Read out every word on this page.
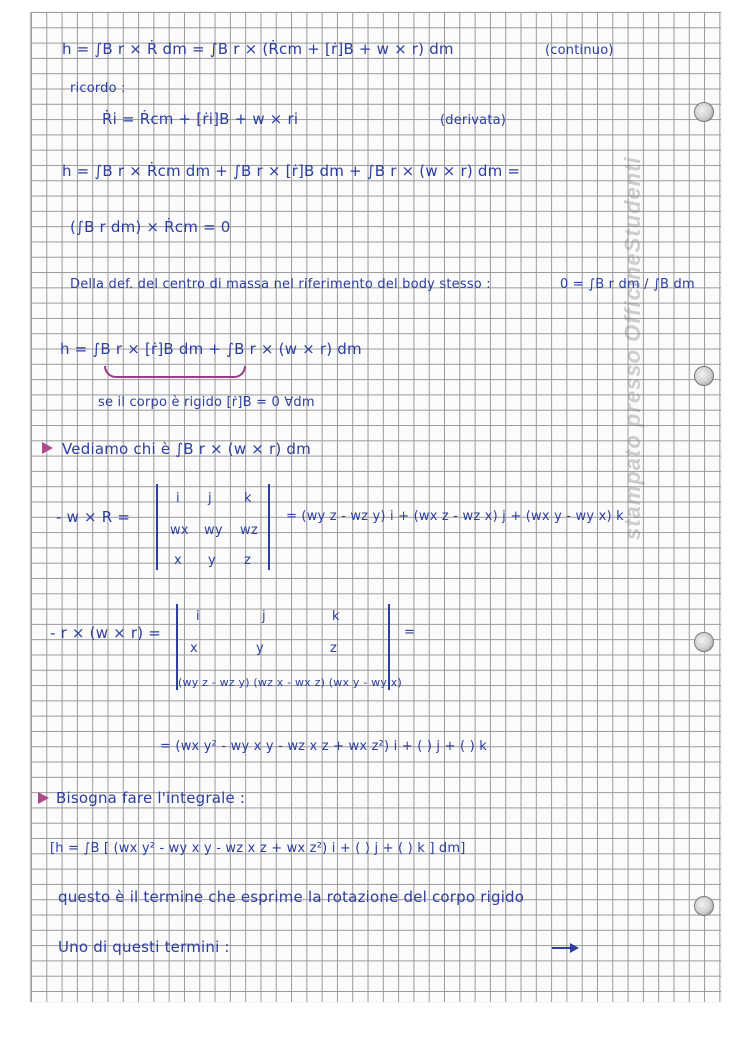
stampato presso OfficineStudenti
h = ∫B r × Ṙ dm = ∫B r × (Ṙcm + [ṙ]B + w × r) dm	(continuo)
ricordo :
Ṙi = Ṙcm + [ṙi]B + w × ri	(derivata)
h = ∫B r × Ṙcm dm + ∫B r × [ṙ]B dm + ∫B r × (w × r) dm =
(∫B r dm) × Ṙcm = 0
Della def. del centro di massa nel riferimento del body stesso :	0 = ∫B r dm / ∫B dm
h = ∫B r × [ṙ]B dm + ∫B r × (w × r) dm
se il corpo è rigido [ṙ]B = 0 ∀dm
Vediamo chi è ∫B r × (w × r) dm
- w × R =
i j k
wx wy wz
x y z
= (wy z - wz y) i + (wx z - wz x) j + (wx y - wy x) k
- r × (w × r) =
i	j	k
x	y	z
(wy z - wz y) (wz x - wx z) (wx y - wy x)
=
= (wx y² - wy x y - wz x z + wx z²) i + ( ) j + ( ) k
Bisogna fare l'integrale :
[h = ∫B [ (wx y² - wy x y - wz x z + wx z²) i + ( ) j + ( ) k ] dm]
questo è il termine che esprime la rotazione del corpo rigido
Uno di questi termini :
